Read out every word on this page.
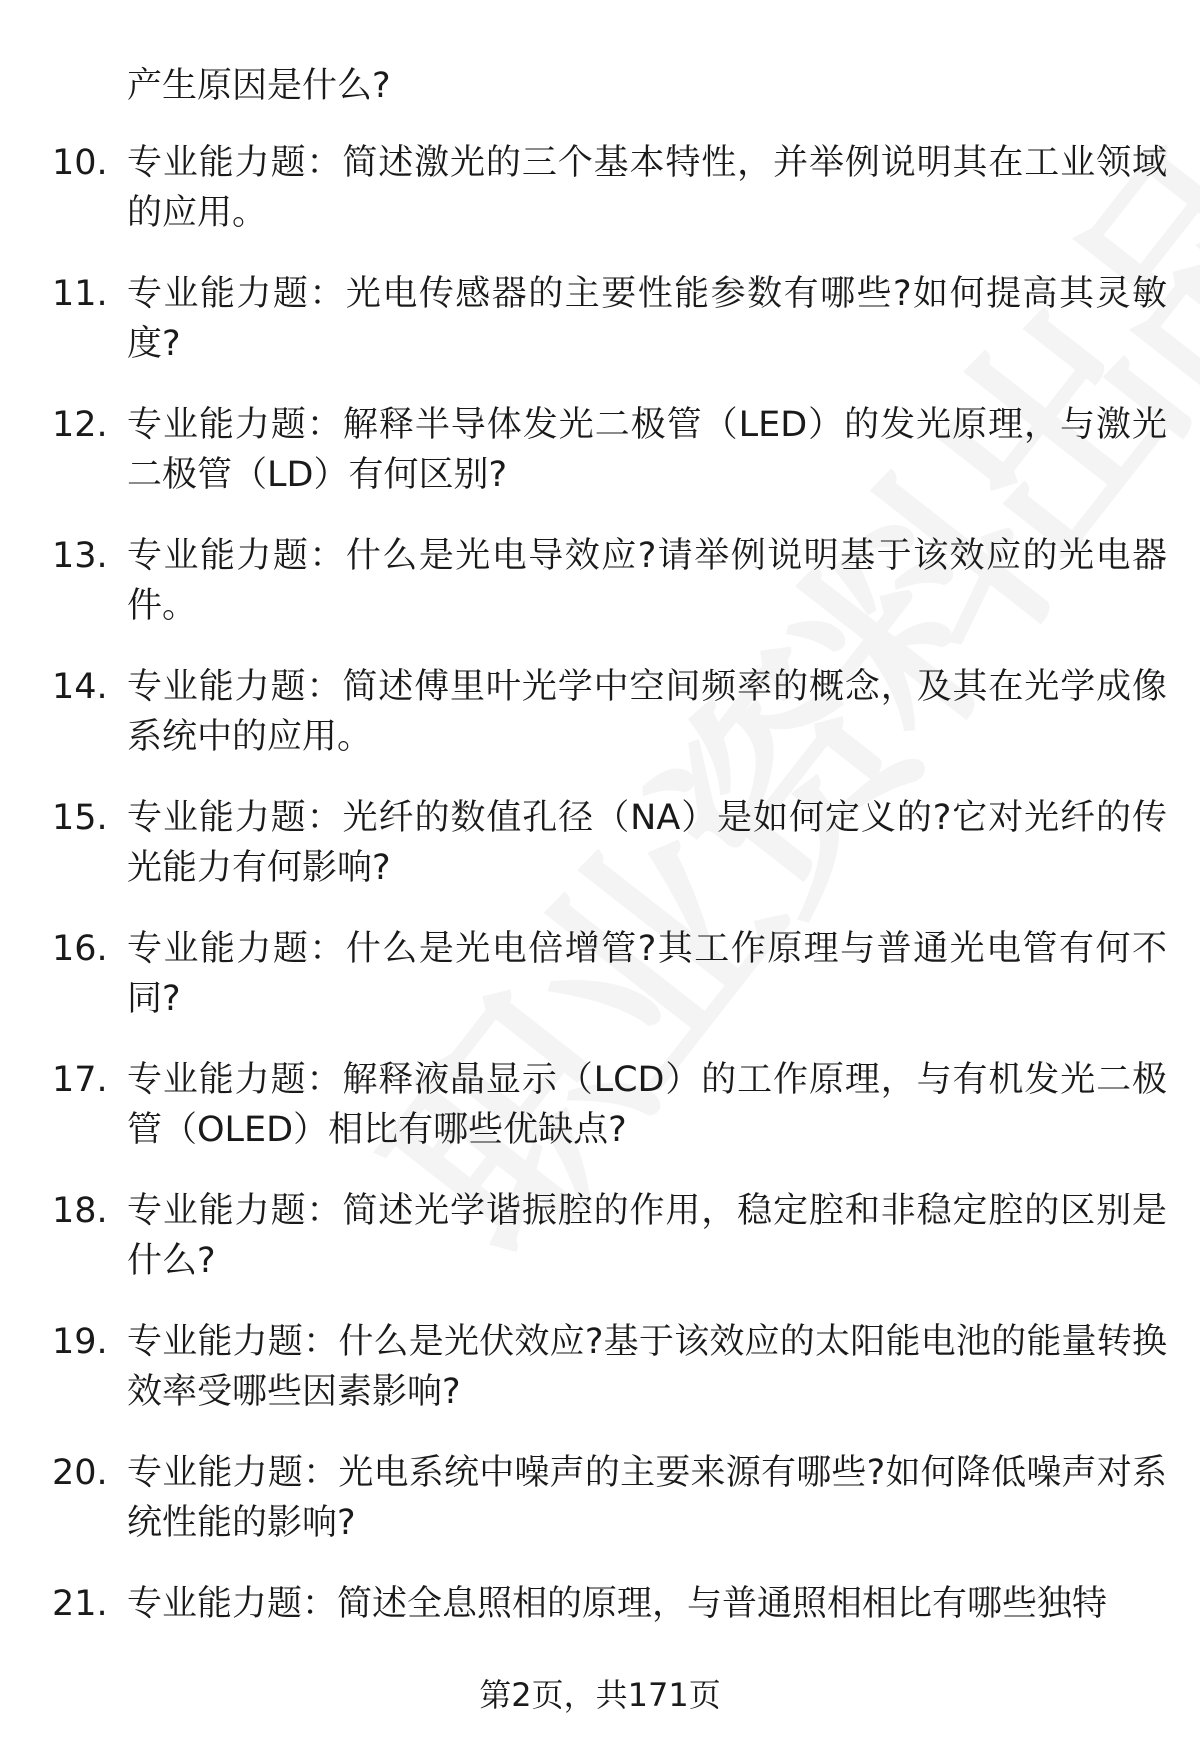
产生原因是什么?
10. 专业能力题：简述激光的三个基本特性，并举例说明其在工业领域的应用。
11. 专业能力题：光电传感器的主要性能参数有哪些?如何提高其灵敏度?
12. 专业能力题：解释半导体发光二极管（LED）的发光原理，与激光二极管（LD）有何区别?
13. 专业能力题：什么是光电导效应?请举例说明基于该效应的光电器件。
14. 专业能力题：简述傅里叶光学中空间频率的概念，及其在光学成像系统中的应用。
15. 专业能力题：光纤的数值孔径（NA）是如何定义的?它对光纤的传光能力有何影响?
16. 专业能力题：什么是光电倍增管?其工作原理与普通光电管有何不同?
17. 专业能力题：解释液晶显示（LCD）的工作原理，与有机发光二极管（OLED）相比有哪些优缺点?
18. 专业能力题：简述光学谐振腔的作用，稳定腔和非稳定腔的区别是什么?
19. 专业能力题：什么是光伏效应?基于该效应的太阳能电池的能量转换效率受哪些因素影响?
20. 专业能力题：光电系统中噪声的主要来源有哪些?如何降低噪声对系统性能的影响?
21. 专业能力题：简述全息照相的原理，与普通照相相比有哪些独特
第2页，共171页
